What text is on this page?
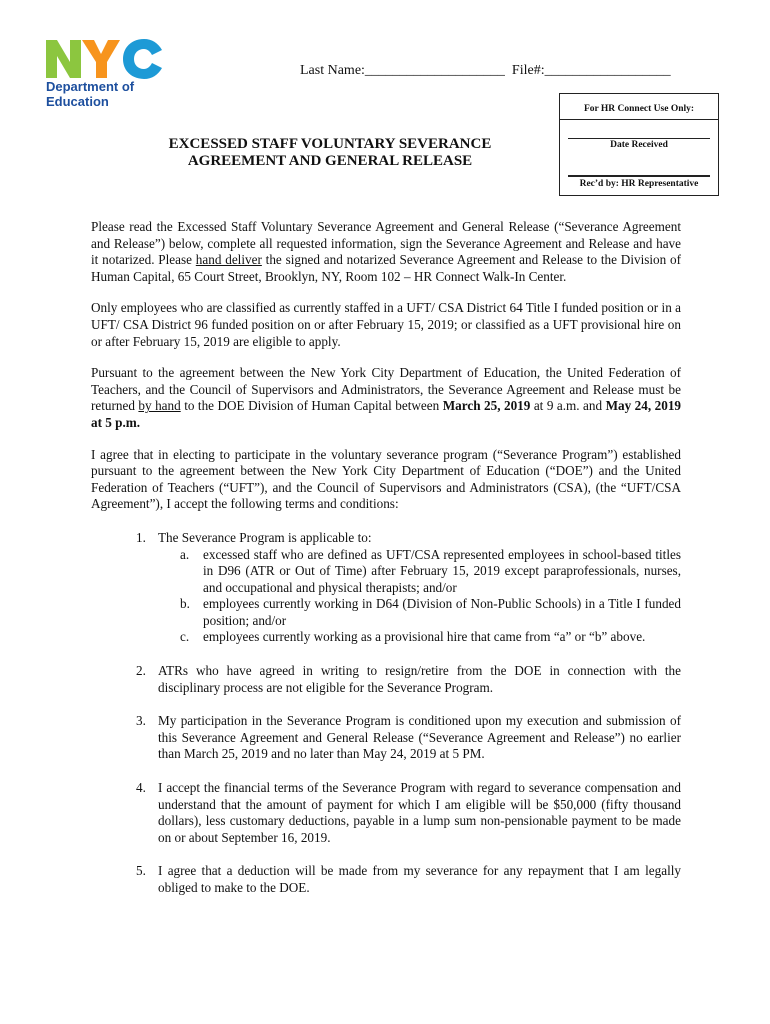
Department of
Education
Last Name:____________________ File#:__________________
For HR Connect Use Only:
Date Received
Rec’d by: HR Representative
EXCESSED STAFF VOLUNTARY SEVERANCE
AGREEMENT AND GENERAL RELEASE

Please read the Excessed Staff Voluntary Severance Agreement and General Release (“Severance Agreement and Release”) below, complete all requested information, sign the Severance Agreement and Release and have it notarized. Please hand deliver the signed and notarized Severance Agreement and Release to the Division of Human Capital, 65 Court Street, Brooklyn, NY, Room 102 – HR Connect Walk-In Center.

Only employees who are classified as currently staffed in a UFT/ CSA District 64 Title I funded position or in a UFT/ CSA District 96 funded position on or after February 15, 2019; or classified as a UFT provisional hire on or after February 15, 2019 are eligible to apply.

Pursuant to the agreement between the New York City Department of Education, the United Federation of Teachers, and the Council of Supervisors and Administrators, the Severance Agreement and Release must be returned by hand to the DOE Division of Human Capital between March 25, 2019 at 9 a.m. and May 24, 2019 at 5 p.m.

I agree that in electing to participate in the voluntary severance program (“Severance Program”) established pursuant to the agreement between the New York City Department of Education (“DOE”) and the United Federation of Teachers (“UFT”), and the Council of Supervisors and Administrators (CSA), (the “UFT/CSA Agreement”), I accept the following terms and conditions:

1. The Severance Program is applicable to:
a. excessed staff who are defined as UFT/CSA represented employees in school-based titles in D96 (ATR or Out of Time) after February 15, 2019 except paraprofessionals, nurses, and occupational and physical therapists; and/or
b. employees currently working in D64 (Division of Non-Public Schools) in a Title I funded position; and/or
c. employees currently working as a provisional hire that came from “a” or “b” above.
2. ATRs who have agreed in writing to resign/retire from the DOE in connection with the disciplinary process are not eligible for the Severance Program.
3. My participation in the Severance Program is conditioned upon my execution and submission of this Severance Agreement and General Release (“Severance Agreement and Release”) no earlier than March 25, 2019 and no later than May 24, 2019 at 5 PM.
4. I accept the financial terms of the Severance Program with regard to severance compensation and understand that the amount of payment for which I am eligible will be $50,000 (fifty thousand dollars), less customary deductions, payable in a lump sum non-pensionable payment to be made on or about September 16, 2019.
5. I agree that a deduction will be made from my severance for any repayment that I am legally obliged to make to the DOE.
